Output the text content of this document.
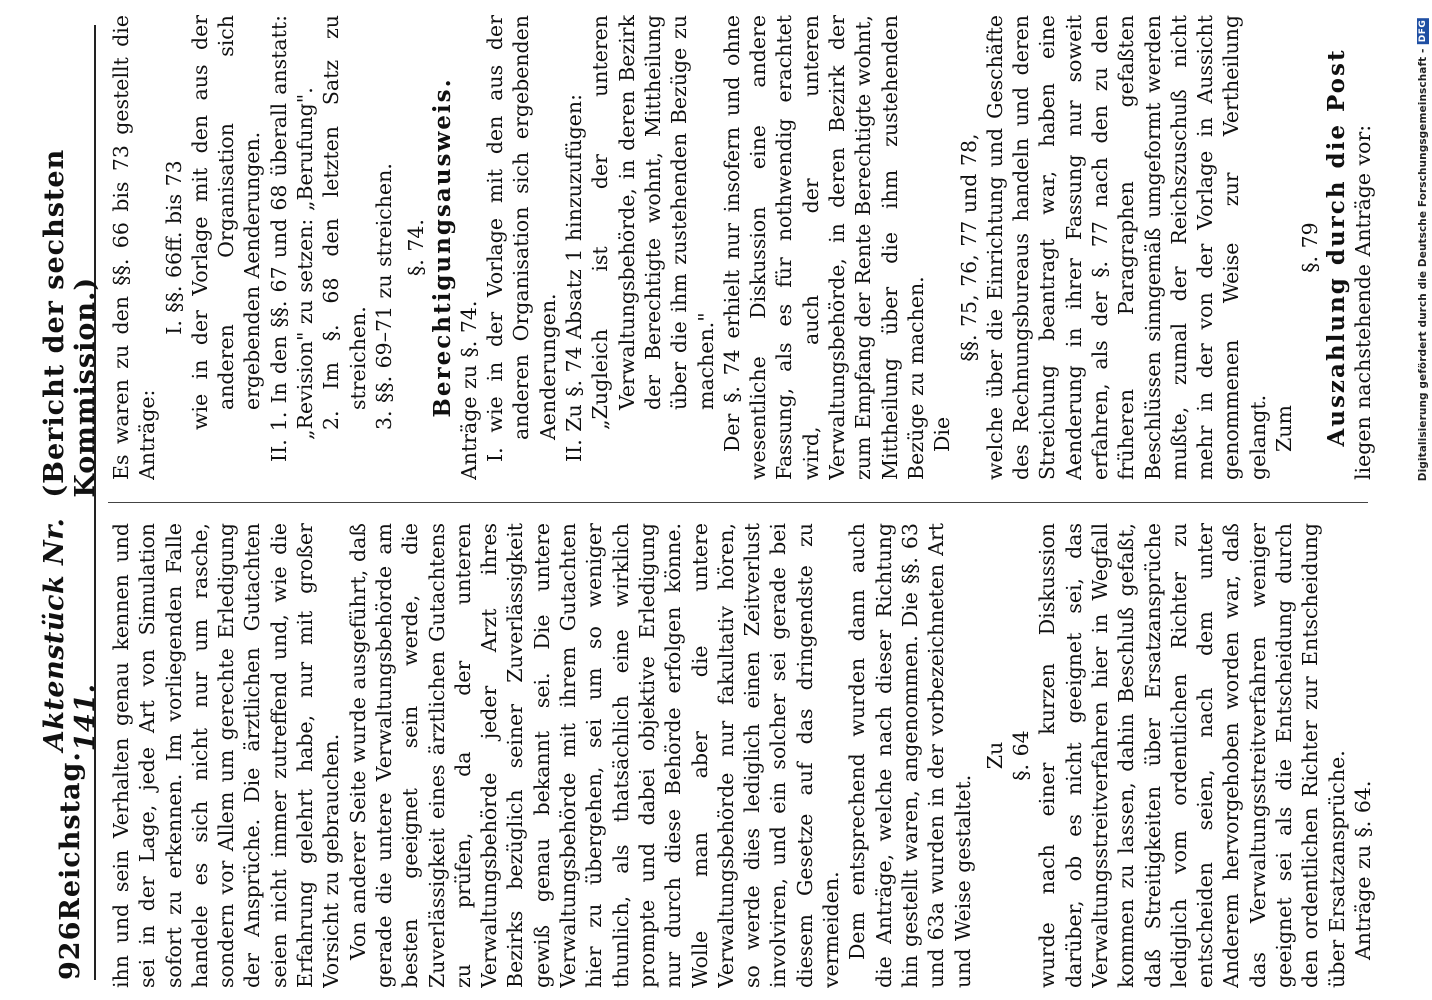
926
Reichstag.
Aktenstück Nr. 141.
(Bericht der sechsten Kommission.)

ihn und sein Verhalten genau kennen und sei in der Lage, jede Art von Simulation sofort zu erkennen. Im vorliegenden Falle handele es sich nicht nur um rasche, sondern vor Allem um gerechte Erledigung der Ansprüche. Die ärztlichen Gutachten seien nicht immer zutreffend und, wie die Erfahrung gelehrt habe, nur mit großer Vorsicht zu gebrauchen. Von anderer Seite wurde ausgeführt, daß gerade die untere Verwaltungsbehörde am besten geeignet sein werde, die Zuverlässigkeit eines ärztlichen Gutachtens zu prüfen, da der unteren Verwaltungsbehörde jeder Arzt ihres Bezirks bezüglich seiner Zuverlässigkeit gewiß genau bekannt sei. Die untere Verwaltungsbehörde mit ihrem Gutachten hier zu übergehen, sei um so weniger thunlich, als thatsächlich eine wirklich prompte und dabei objektive Erledigung nur durch diese Behörde erfolgen könne. Wolle man aber die untere Verwaltungsbehörde nur fakultativ hören, so werde dies lediglich einen Zeitverlust involviren, und ein solcher sei gerade bei diesem Gesetze auf das dringendste zu vermeiden. Dem entsprechend wurden dann auch die Anträge, welche nach dieser Richtung hin gestellt waren, angenommen. Die §§. 63 und 63a wurden in der vorbezeichneten Art und Weise gestaltet.

Zu §. 64 wurde nach einer kurzen Diskussion darüber, ob es nicht geeignet sei, das Verwaltungsstreitverfahren hier in Wegfall kommen zu lassen, dahin Beschluß gefaßt, daß Streitigkeiten über Ersatzansprüche lediglich vom ordentlichen Richter zu entscheiden seien, nach dem unter Anderem hervorgehoben worden war, daß das Verwaltungsstreitverfahren weniger geeignet sei als die Entscheidung durch den ordentlichen Richter zur Entscheidung über Ersatzansprüche. Anträge zu §. 64.

Es waren zu den §§. 66 bis 73 gestellt die Anträge:

I. §§. 66ff. bis 73 wie in der Vorlage mit den aus der anderen Organisation sich ergebenden Aenderungen. II. 1. In den §§. 67 und 68 überall anstatt: „Revision" zu setzen: „Berufung". 2. Im §. 68 den letzten Satz zu streichen. 3. §§. 69–71 zu streichen. §. 74. Berechtigungsausweis. Anträge zu §. 74. I. wie in der Vorlage mit den aus der anderen Organisation sich ergebenden Aenderungen. II. Zu §. 74 Absatz 1 hinzuzufügen: „Zugleich ist der unteren Verwaltungsbehörde, in deren Bezirk der Berechtigte wohnt, Mittheilung über die ihm zustehenden Bezüge zu machen." Der §. 74 erhielt nur insofern und ohne wesentliche Diskussion eine andere Fassung, als es für nothwendig erachtet wird, auch der unteren Verwaltungsbehörde, in deren Bezirk der zum Empfang der Rente Berechtigte wohnt, Mittheilung über die ihm zustehenden Bezüge zu machen. Die

§§. 75, 76, 77 und 78, welche über die Einrichtung und Geschäfte des Rechnungsbureaus handeln und deren Streichung beantragt war, haben eine Aenderung in ihrer Fassung nur soweit erfahren, als der §. 77 nach den zu den früheren Paragraphen gefaßten Beschlüssen sinngemäß umgeformt werden mußte, zumal der Reichszuschuß nicht mehr in der von der Vorlage in Aussicht genommenen Weise zur Vertheilung gelangt. Zum

§. 79 Auszahlung durch die Post liegen nachstehende Anträge vor:	Digitalisierung gefördert durch die Deutsche Forschungsgemeinschaft -
DFG
